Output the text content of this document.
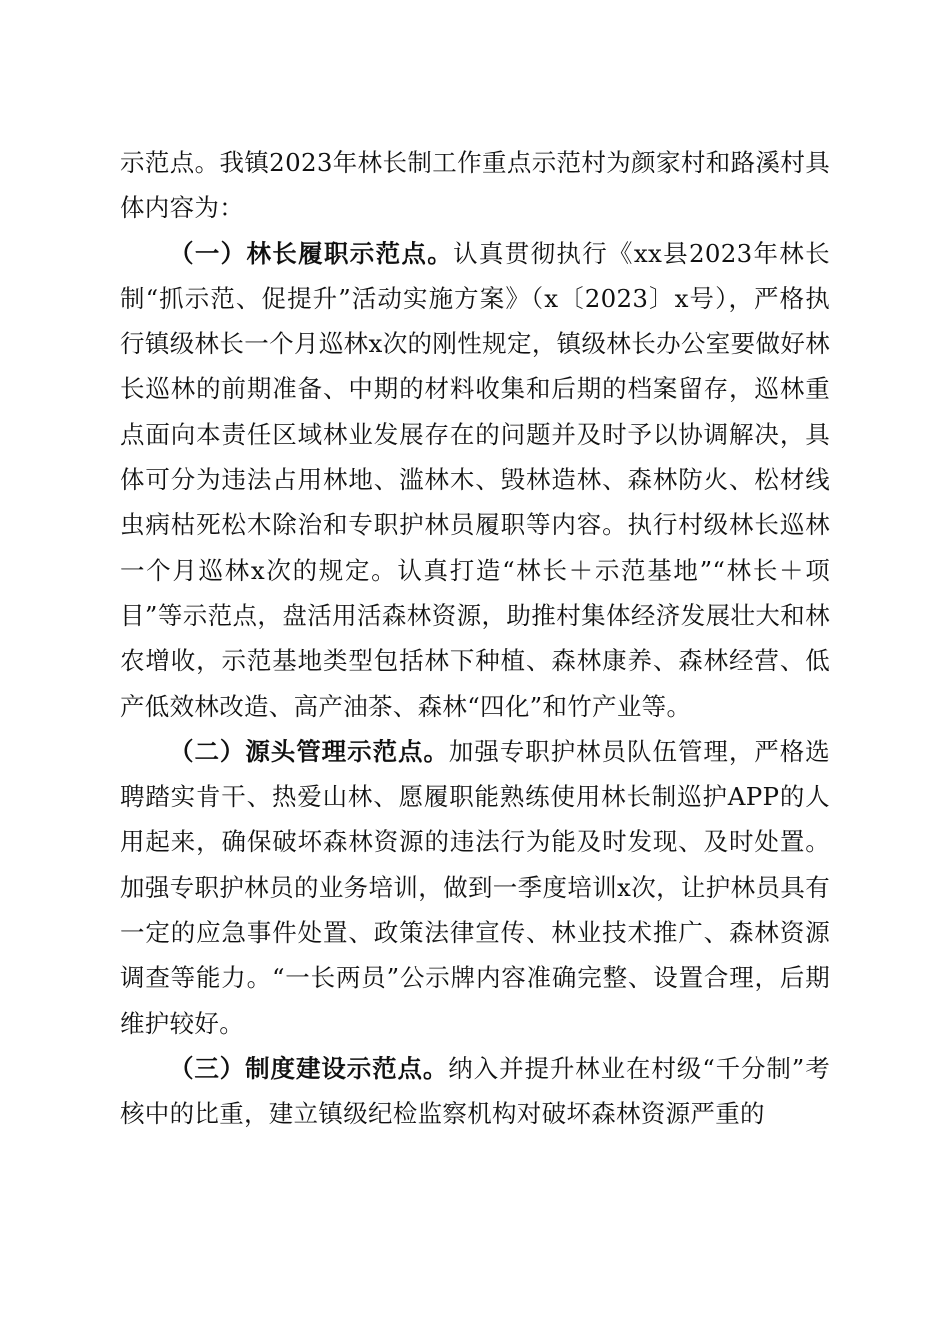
示范点。我镇2023年林长制工作重点示范村为颜家村和路溪村具体内容为：

（一）林长履职示范点。认真贯彻执行《xx县2023年林长制“抓示范、促提升”活动实施方案》（x〔2023〕x号），严格执行镇级林长一个月巡林x次的刚性规定，镇级林长办公室要做好林长巡林的前期准备、中期的材料收集和后期的档案留存，巡林重点面向本责任区域林业发展存在的问题并及时予以协调解决，具体可分为违法占用林地、滥林木、毁林造林、森林防火、松材线虫病枯死松木除治和专职护林员履职等内容。执行村级林长巡林一个月巡林x次的规定。认真打造“林长＋示范基地”“林长＋项目”等示范点，盘活用活森林资源，助推村集体经济发展壮大和林农增收，示范基地类型包括林下种植、森林康养、森林经营、低产低效林改造、高产油茶、森林“四化”和竹产业等。

（二）源头管理示范点。加强专职护林员队伍管理，严格选聘踏实肯干、热爱山林、愿履职能熟练使用林长制巡护APP的人用起来，确保破坏森林资源的违法行为能及时发现、及时处置。加强专职护林员的业务培训，做到一季度培训x次，让护林员具有一定的应急事件处置、政策法律宣传、林业技术推广、森林资源调查等能力。“一长两员”公示牌内容准确完整、设置合理，后期维护较好。

（三）制度建设示范点。纳入并提升林业在村级“千分制”考核中的比重，建立镇级纪检监察机构对破坏森林资源严重的
